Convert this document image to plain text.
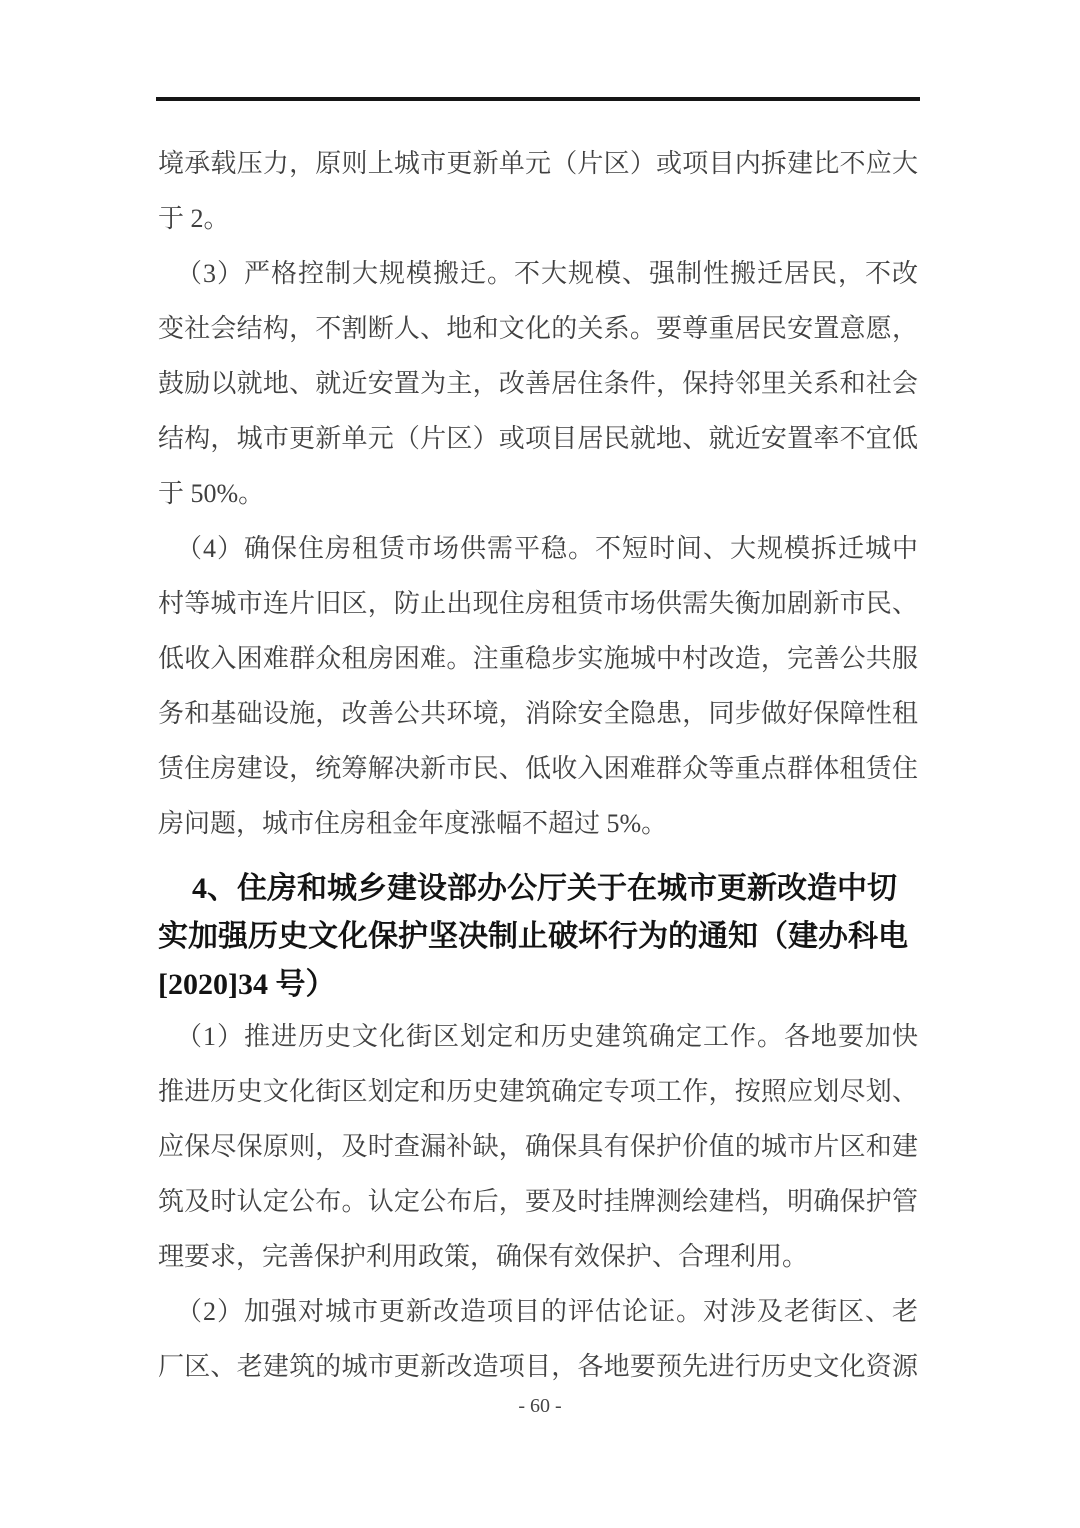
境承载压力，原则上城市更新单元（片区）或项目内拆建比不应大

于 2。

（3）严格控制大规模搬迁。不大规模、强制性搬迁居民，不改

变社会结构，不割断人、地和文化的关系。要尊重居民安置意愿，

鼓励以就地、就近安置为主，改善居住条件，保持邻里关系和社会

结构，城市更新单元（片区）或项目居民就地、就近安置率不宜低

于 50%。

（4）确保住房租赁市场供需平稳。不短时间、大规模拆迁城中

村等城市连片旧区，防止出现住房租赁市场供需失衡加剧新市民、

低收入困难群众租房困难。注重稳步实施城中村改造，完善公共服

务和基础设施，改善公共环境，消除安全隐患，同步做好保障性租

赁住房建设，统筹解决新市民、低收入困难群众等重点群体租赁住

房问题，城市住房租金年度涨幅不超过 5%。

4、住房和城乡建设部办公厅关于在城市更新改造中切

实加强历史文化保护坚决制止破坏行为的通知（建办科电

[2020]34 号）

（1）推进历史文化街区划定和历史建筑确定工作。各地要加快

推进历史文化街区划定和历史建筑确定专项工作，按照应划尽划、

应保尽保原则，及时查漏补缺，确保具有保护价值的城市片区和建

筑及时认定公布。认定公布后，要及时挂牌测绘建档，明确保护管

理要求，完善保护利用政策，确保有效保护、合理利用。

（2）加强对城市更新改造项目的评估论证。对涉及老街区、老

厂区、老建筑的城市更新改造项目，各地要预先进行历史文化资源

- 60 -
